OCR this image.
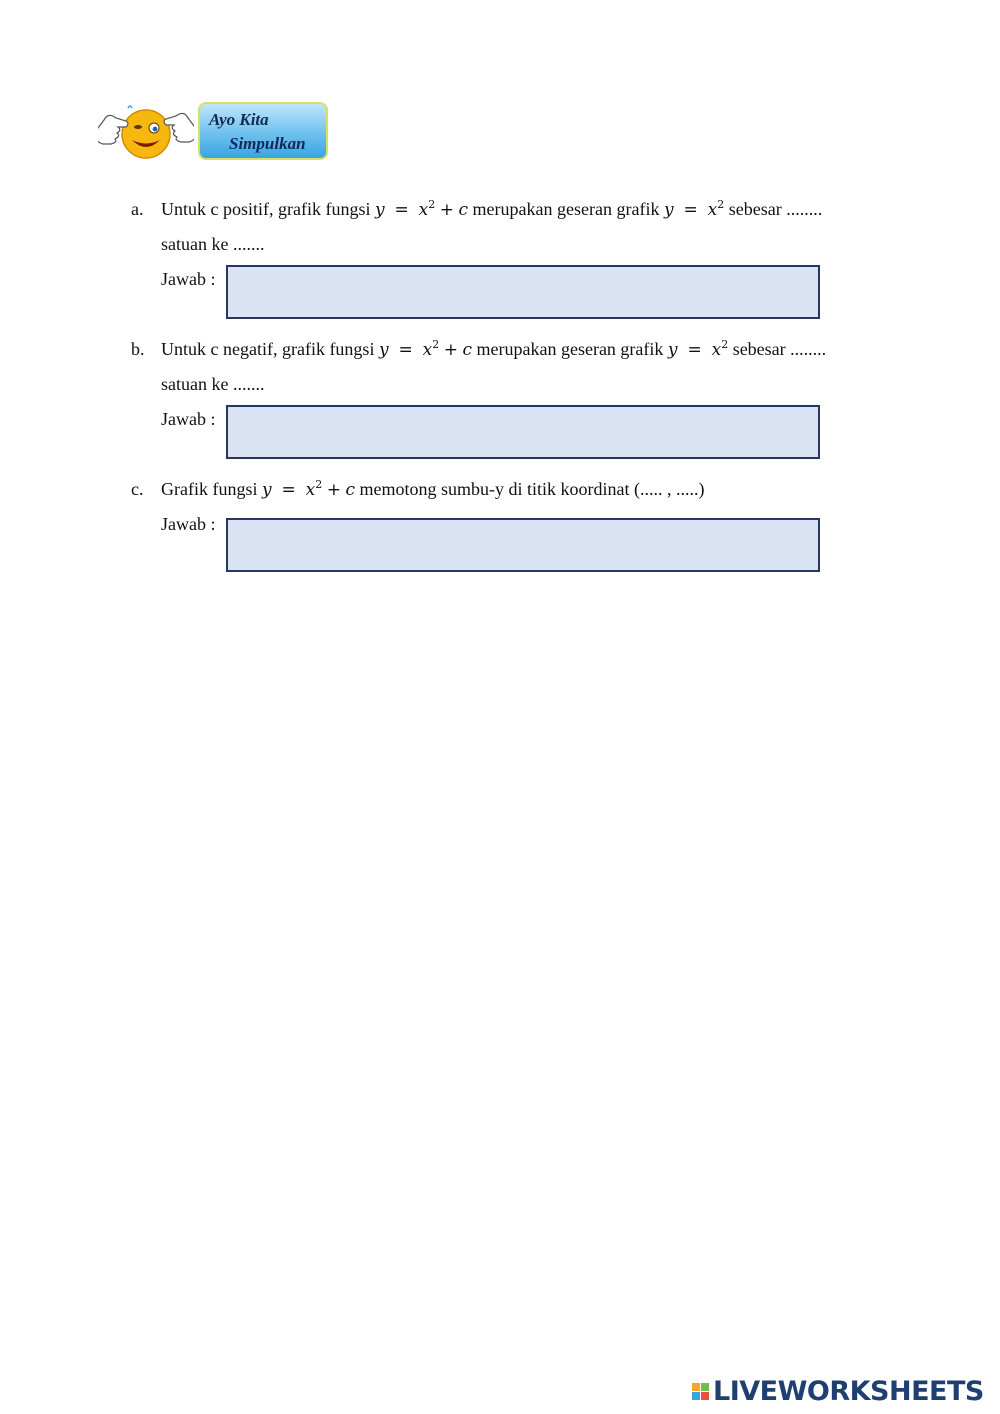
Ayo Kita
Simpulkan
a. Untuk c positif, grafik fungsi $y = x^2 + c$ merupakan geseran grafik $y = x^2$ sebesar ........
satuan ke .......
Jawab :
b. Untuk c negatif, grafik fungsi $y = x^2 + c$ merupakan geseran grafik $y = x^2$ sebesar ........
satuan ke .......
Jawab :
c. Grafik fungsi $y = x^2 + c$ memotong sumbu-y di titik koordinat (..... , .....)
Jawab :
LIVEWORKSHEETS
